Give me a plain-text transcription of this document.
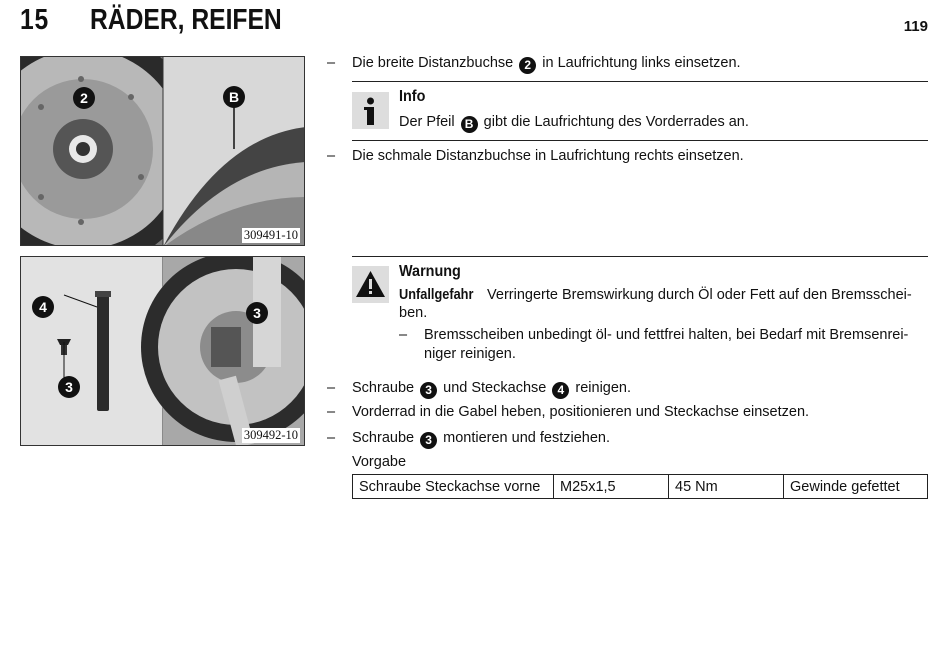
15 RÄDER, REIFEN	119
2	B
309491-10
4
3
3
309492-10
– Die breite Distanzbuchse 2 in Laufrichtung links einsetzen.
Info
Der Pfeil B gibt die Laufrichtung des Vorderrades an.
– Die schmale Distanzbuchse in Laufrichtung rechts einsetzen.
Warnung
Unfallgefahr Verringerte Bremswirkung durch Öl oder Fett auf den Bremsschei-
ben.
– Bremsscheiben unbedingt öl- und fettfrei halten, bei Bedarf mit Bremsenrei-
niger reinigen.
– Schraube 3 und Steckachse 4 reinigen.
– Vorderrad in die Gabel heben, positionieren und Steckachse einsetzen.
– Schraube 3 montieren und festziehen.
Vorgabe
Schraube Steckachse vorne	M25x1,5	45 Nm	Gewinde gefettet
